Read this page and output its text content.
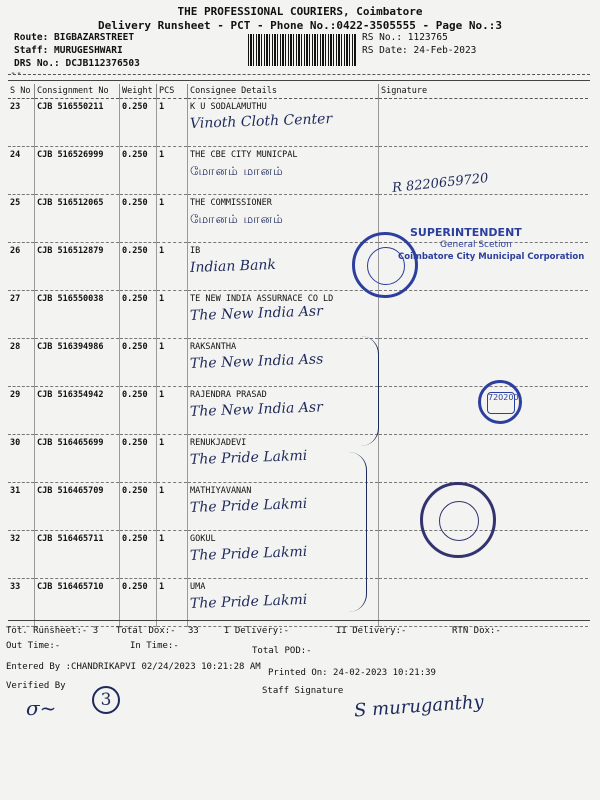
THE PROFESSIONAL COURIERS, Coimbatore
Delivery Runsheet - PCT - Phone No.:0422-3505555 - Page No.:3
Route: BIGBAZARSTREET
Staff: MURUGESHWARI
DRS No.: DCJB112376503
RS No.: 1123765
RS Date: 24-Feb-2023
--
S No	Consignment No	Weight	PCS	Consignee Details	Signature
23	CJB 516550211	0.250	1	K U SODALAMUTHU
Vinoth Cloth Center	

24	CJB 516526999	0.250	1	THE CBE CITY MUNICPAL
மோனம் மானம்	

25	CJB 516512065	0.250	1	THE COMMISSIONER
மோனம் மானம்	

26	CJB 516512879	0.250	1	IB
Indian Bank	

27	CJB 516550038	0.250	1	TE NEW INDIA ASSURNACE CO LD
The New India Asr	

28	CJB 516394986	0.250	1	RAKSANTHA
The New India Ass	

29	CJB 516354942	0.250	1	RAJENDRA PRASAD
The New India Asr	

30	CJB 516465699	0.250	1	RENUKJADEVI
The Pride Lakmi	

31	CJB 516465709	0.250	1	MATHIYAVANAN
The Pride Lakmi	

32	CJB 516465711	0.250	1	GOKUL
The Pride Lakmi	

33	CJB 516465710	0.250	1	UMA
The Pride Lakmi	

R 8220659720
SUPERINTENDENT
General Scetion
Coimbatore City Municipal Corporation
720200
Tot. Runsheet:- 3 Total Dox:- 33	I Delivery:-	II Delivery:-	RTN Dox:-
Out Time:-	In Time:-	Total POD:-
Entered By :CHANDRIKAPVI 02/24/2023 10:21:28 AM
Printed On: 24-02-2023 10:21:39
Verified By
3
σ~
Staff Signature
S muruganthy
